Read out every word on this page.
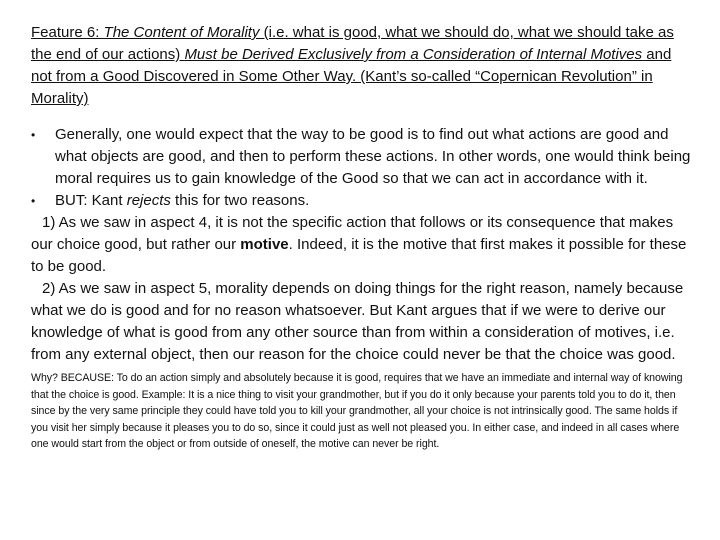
Feature 6: The Content of Morality (i.e. what is good, what we should do, what we should take as the end of our actions) Must be Derived Exclusively from a Consideration of Internal Motives and not from a Good Discovered in Some Other Way. (Kant’s so-called “Copernican Revolution” in Morality)

•	Generally, one would expect that the way to be good is to find out what actions are good and what objects are good, and then to perform these actions. In other words, one would think being moral requires us to gain knowledge of the Good so that we can act in accordance with it.

•	BUT: Kant rejects this for two reasons.

1) As we saw in aspect 4, it is not the specific action that follows or its consequence that makes our choice good, but rather our motive. Indeed, it is the motive that first makes it possible for these to be good.

2) As we saw in aspect 5, morality depends on doing things for the right reason, namely because what we do is good and for no reason whatsoever. But Kant argues that if we were to derive our knowledge of what is good from any other source than from within a consideration of motives, i.e. from any external object, then our reason for the choice could never be that the choice was good.

Why? BECAUSE: To do an action simply and absolutely because it is good, requires that we have an immediate and internal way of knowing that the choice is good. Example: It is a nice thing to visit your grandmother, but if you do it only because your parents told you to do it, then since by the very same principle they could have told you to kill your grandmother, all your choice is not intrinsically good. The same holds if you visit her simply because it pleases you to do so, since it could just as well not pleased you. In either case, and indeed in all cases where one would start from the object or from outside of oneself, the motive can never be right.
